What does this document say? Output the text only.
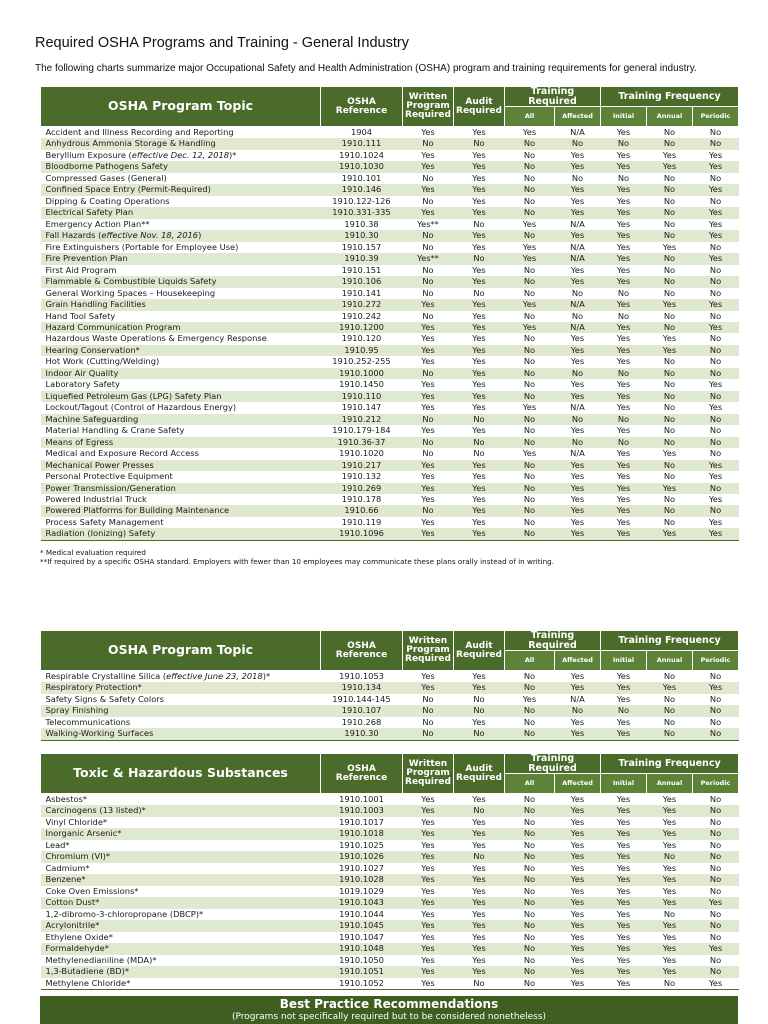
Required OSHA Programs and Training - General Industry
The following charts summarize major Occupational Safety and Health Administration (OSHA) program and training requirements for general industry.
OSHA Program Topic	OSHA Reference	Written Program Required	Audit Required	Training Required		Training Frequency		
				All	Affected	Initial	Annual	Periodic
Accident and Illness Recording and Reporting	1904	Yes	Yes	Yes	N/A	Yes	No	No
Anhydrous Ammonia Storage & Handling	1910.111	No	No	No	No	No	No	No
Beryllium Exposure (effective Dec. 12, 2018)*	1910.1024	Yes	Yes	No	Yes	Yes	Yes	Yes
Bloodborne Pathogens Safety	1910.1030	Yes	Yes	No	Yes	Yes	Yes	Yes
Compressed Gases (General)	1910.101	No	Yes	No	No	No	No	No
Confined Space Entry (Permit-Required)	1910.146	Yes	Yes	No	Yes	Yes	No	Yes
Dipping & Coating Operations	1910.122-126	No	Yes	No	Yes	Yes	No	No
Electrical Safety Plan	1910.331-335	Yes	Yes	No	Yes	Yes	No	Yes
Emergency Action Plan**	1910.38	Yes**	No	Yes	N/A	Yes	No	Yes
Fall Hazards (effective Nov. 18, 2016)	1910.30	No	Yes	No	Yes	Yes	No	Yes
Fire Extinguishers (Portable for Employee Use)	1910.157	No	Yes	Yes	N/A	Yes	Yes	No
Fire Prevention Plan	1910.39	Yes**	No	Yes	N/A	Yes	No	Yes
First Aid Program	1910.151	No	Yes	No	Yes	Yes	No	No
Flammable & Combustible Liquids Safety	1910.106	No	Yes	No	Yes	Yes	No	No
General Working Spaces – Housekeeping	1910.141	No	No	No	No	No	No	No
Grain Handling Facilities	1910.272	Yes	Yes	Yes	N/A	Yes	Yes	Yes
Hand Tool Safety	1910.242	No	Yes	No	No	No	No	No
Hazard Communication Program	1910.1200	Yes	Yes	Yes	N/A	Yes	No	Yes
Hazardous Waste Operations & Emergency Response	1910.120	Yes	Yes	No	Yes	Yes	Yes	No
Hearing Conservation*	1910.95	Yes	Yes	No	Yes	Yes	Yes	No
Hot Work (Cutting/Welding)	1910.252-255	Yes	Yes	No	Yes	Yes	No	No
Indoor Air Quality	1910.1000	No	Yes	No	No	No	No	No
Laboratory Safety	1910.1450	Yes	Yes	No	Yes	Yes	No	Yes
Liquefied Petroleum Gas (LPG) Safety Plan	1910.110	Yes	Yes	No	Yes	Yes	No	No
Lockout/Tagout (Control of Hazardous Energy)	1910.147	Yes	Yes	Yes	N/A	Yes	No	Yes
Machine Safeguarding	1910.212	No	No	No	No	No	No	No
Material Handling & Crane Safety	1910.179-184	Yes	Yes	No	Yes	Yes	No	No
Means of Egress	1910.36-37	No	No	No	No	No	No	No
Medical and Exposure Record Access	1910.1020	No	No	Yes	N/A	Yes	Yes	No
Mechanical Power Presses	1910.217	Yes	Yes	No	Yes	Yes	No	Yes
Personal Protective Equipment	1910.132	Yes	Yes	No	Yes	Yes	No	Yes
Power Transmission/Generation	1910.269	Yes	Yes	No	Yes	Yes	Yes	No
Powered Industrial Truck	1910.178	Yes	Yes	No	Yes	Yes	No	Yes
Powered Platforms for Building Maintenance	1910.66	No	Yes	No	Yes	Yes	No	No
Process Safety Management	1910.119	Yes	Yes	No	Yes	Yes	No	Yes
Radiation (Ionizing) Safety	1910.1096	Yes	Yes	No	Yes	Yes	Yes	Yes
* Medical evaluation required
**If required by a specific OSHA standard. Employers with fewer than 10 employees may communicate these plans orally instead of in writing.
OSHA Program Topic	OSHA Reference	Written Program Required	Audit Required	Training Required		Training Frequency		
				All	Affected	Initial	Annual	Periodic
Respirable Crystalline Silica (effective June 23, 2018)*	1910.1053	Yes	Yes	No	Yes	Yes	No	No
Respiratory Protection*	1910.134	Yes	Yes	No	Yes	Yes	Yes	Yes
Safety Signs & Safety Colors	1910.144-145	No	No	Yes	N/A	Yes	No	No
Spray Finishing	1910.107	No	No	No	No	No	No	No
Telecommunications	1910.268	No	Yes	No	Yes	Yes	No	No
Walking-Working Surfaces	1910.30	No	No	No	Yes	Yes	No	No
Toxic & Hazardous Substances	OSHA Reference	Written Program Required	Audit Required	Training Required		Training Frequency		
				All	Affected	Initial	Annual	Periodic
Asbestos*	1910.1001	Yes	Yes	No	Yes	Yes	Yes	No
Carcinogens (13 listed)*	1910.1003	Yes	No	No	Yes	Yes	Yes	No
Vinyl Chloride*	1910.1017	Yes	Yes	No	Yes	Yes	Yes	No
Inorganic Arsenic*	1910.1018	Yes	Yes	No	Yes	Yes	Yes	No
Lead*	1910.1025	Yes	Yes	No	Yes	Yes	Yes	No
Chromium (VI)*	1910.1026	Yes	No	No	Yes	Yes	No	No
Cadmium*	1910.1027	Yes	Yes	No	Yes	Yes	Yes	No
Benzene*	1910.1028	Yes	Yes	No	Yes	Yes	Yes	No
Coke Oven Emissions*	1019.1029	Yes	Yes	No	Yes	Yes	Yes	No
Cotton Dust*	1910.1043	Yes	Yes	No	Yes	Yes	Yes	Yes
1,2-dibromo-3-chloropropane (DBCP)*	1910.1044	Yes	Yes	No	Yes	Yes	No	No
Acrylonitrile*	1910.1045	Yes	Yes	No	Yes	Yes	Yes	No
Ethylene Oxide*	1910.1047	Yes	Yes	No	Yes	Yes	Yes	No
Formaldehyde*	1910.1048	Yes	Yes	No	Yes	Yes	Yes	Yes
Methylenedianiline (MDA)*	1910.1050	Yes	Yes	No	Yes	Yes	Yes	No
1,3-Butadiene (BD)*	1910.1051	Yes	Yes	No	Yes	Yes	Yes	No
Methylene Chloride*	1910.1052	Yes	No	No	Yes	Yes	No	Yes
Best Practice Recommendations
(Programs not specifically required but to be considered nonetheless)
